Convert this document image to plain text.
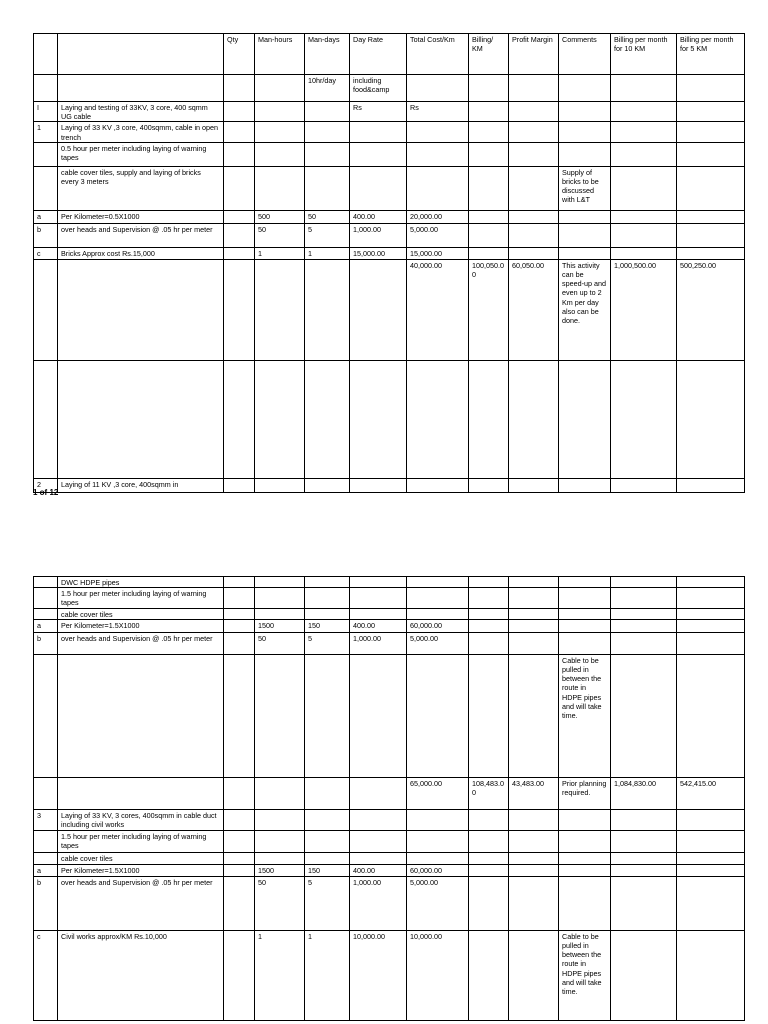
		Qty	Man-hours	Man-days	Day Rate	Total Cost/Km	Billing/ KM	Profit Margin	Comments	Billing per month for 10 KM	Billing per month for 5 KM
				10hr/day	including food&camp						
I	Laying and testing of 33KV, 3 core, 400 sqmm UG cable				Rs	Rs					
1	Laying of 33 KV ,3 core, 400sqmm, cable in open trench										
	0.5 hour per meter including laying of warning tapes										
	cable cover tiles, supply and laying of bricks every 3 meters								Supply of bricks to be discussed with L&T		
a	Per Kilometer=0.5X1000		500	50	400.00	20,000.00					
b	over heads and Supervision @ .05 hr per meter		50	5	1,000.00	5,000.00					
c	Bricks Approx cost Rs.15,000		1	1	15,000.00	15,000.00					
						40,000.00	100,050.00	60,050.00	This activity can be speed-up and even up to 2 Km per day also can be done.	1,000,500.00	500,250.00

2	Laying of 11 KV ,3 core, 400sqmm in										
1 of 12
	DWC HDPE pipes										
	1.5 hour per meter including laying of warning tapes										
	cable cover tiles										
a	Per Kilometer=1.5X1000		1500	150	400.00	60,000.00					
b	over heads and Supervision @ .05 hr per meter		50	5	1,000.00	5,000.00					
									Cable to be pulled in between the route in HDPE pipes and will take time.		
						65,000.00	108,483.00	43,483.00	Prior planning required.	1,084,830.00	542,415.00
3	Laying of 33 KV, 3 cores, 400sqmm in cable duct including civil works										
	1.5 hour per meter including laying of warning tapes										
	cable cover tiles										
a	Per Kilometer=1.5X1000		1500	150	400.00	60,000.00					
b	over heads and Supervision @ .05 hr per meter		50	5	1,000.00	5,000.00					
c	Civil works approx/KM Rs.10,000		1	1	10,000.00	10,000.00			Cable to be pulled in between the route in HDPE pipes and will take time.		
